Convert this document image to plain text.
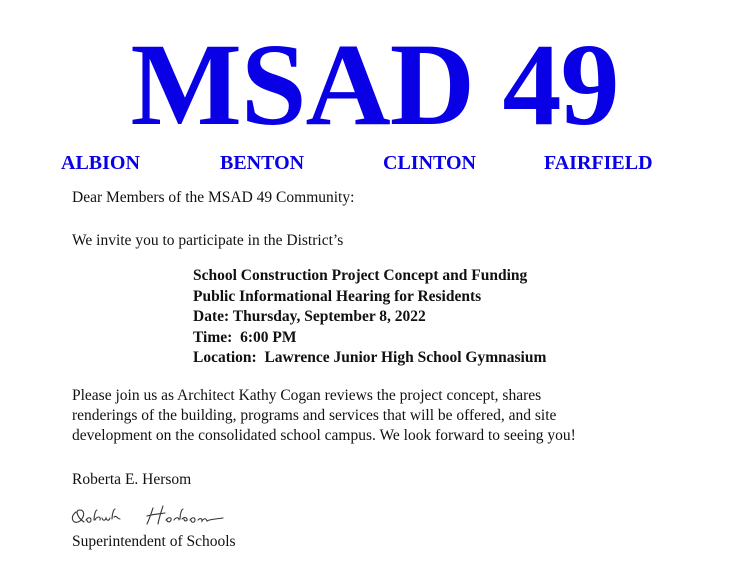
MSAD 49
ALBION	BENTON	CLINTON	FAIRFIELD
Dear Members of the MSAD 49 Community:
We invite you to participate in the District’s
School Construction Project Concept and Funding
Public Informational Hearing for Residents
Date: Thursday, September 8, 2022
Time:  6:00 PM
Location:  Lawrence Junior High School Gymnasium
Please join us as Architect Kathy Cogan reviews the project concept, shares
renderings of the building, programs and services that will be offered, and site
development on the consolidated school campus. We look forward to seeing you!
Roberta E. Hersom
Superintendent of Schools
